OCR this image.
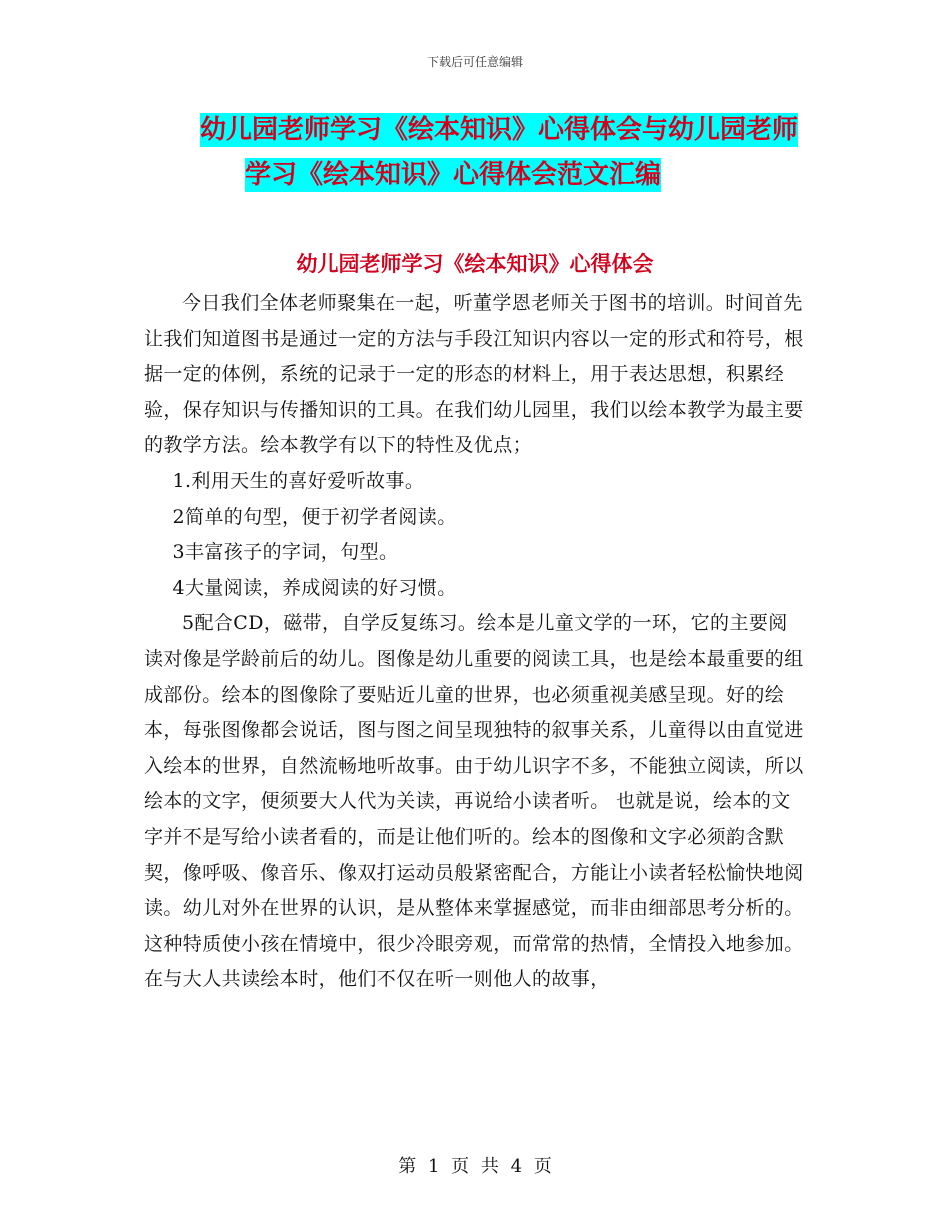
下载后可任意编辑
幼儿园老师学习《绘本知识》心得体会与幼儿园老师
学习《绘本知识》心得体会范文汇编
幼儿园老师学习《绘本知识》心得体会

今日我们全体老师聚集在一起，听董学恩老师关于图书的培训。时间首先让我们知道图书是通过一定的方法与手段江知识内容以一定的形式和符号，根据一定的体例，系统的记录于一定的形态的材料上，用于表达思想，积累经验，保存知识与传播知识的工具。在我们幼儿园里，我们以绘本教学为最主要的教学方法。绘本教学有以下的特性及优点；

1.利用天生的喜好爱听故事。

2简单的句型，便于初学者阅读。

3丰富孩子的字词，句型。

4大量阅读，养成阅读的好习惯。

5配合CD，磁带，自学反复练习。绘本是儿童文学的一环，它的主要阅读对像是学龄前后的幼儿。图像是幼儿重要的阅读工具，也是绘本最重要的组成部份。绘本的图像除了要贴近儿童的世界，也必须重视美感呈现。好的绘本，每张图像都会说话，图与图之间呈现独特的叙事关系，儿童得以由直觉进入绘本的世界，自然流畅地听故事。由于幼儿识字不多，不能独立阅读，所以绘本的文字，便须要大人代为关读，再说给小读者听。 也就是说，绘本的文字并不是写给小读者看的，而是让他们听的。绘本的图像和文字必须韵含默契，像呼吸、像音乐、像双打运动员般紧密配合，方能让小读者轻松愉快地阅读。幼儿对外在世界的认识，是从整体来掌握感觉，而非由细部思考分析的。 这种特质使小孩在情境中，很少冷眼旁观，而常常的热情，全情投入地参加。 在与大人共读绘本时，他们不仅在听一则他人的故事，

第 1 页 共 4 页
